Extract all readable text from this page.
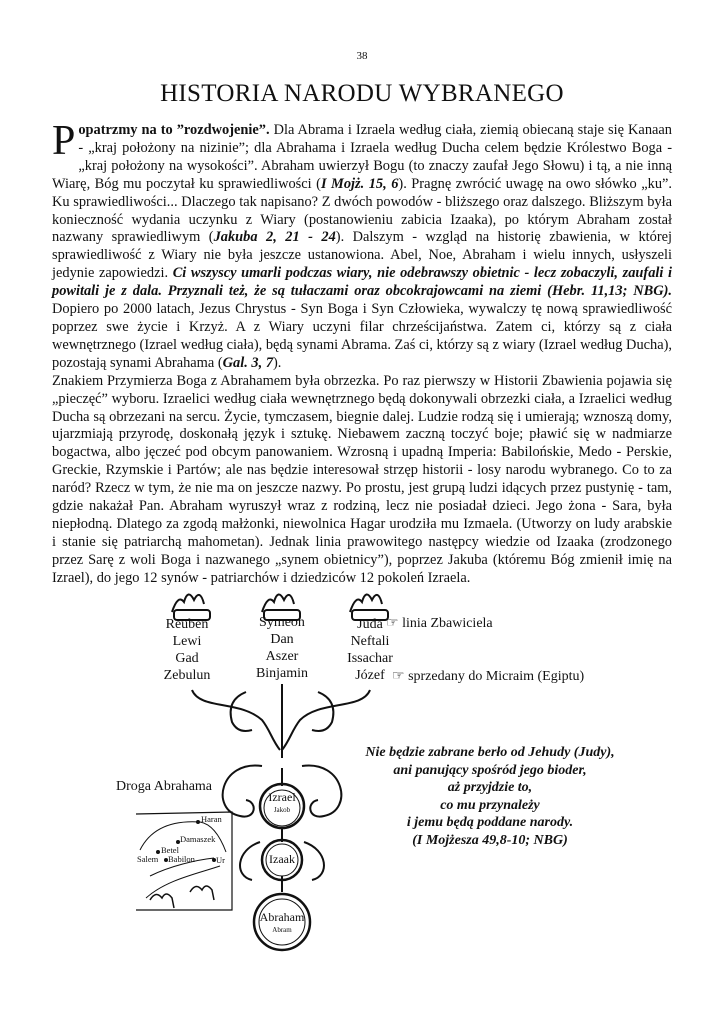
38
HISTORIA NARODU WYBRANEGO

Popatrzmy na to ”rozdwojenie”. Dla Abrama i Izraela według ciała, ziemią obiecaną staje się Kanaan - „kraj położony na nizinie”; dla Abrahama i Izraela według Ducha celem będzie Królestwo Boga - „kraj położony na wysokości”. Abraham uwierzył Bogu (to znaczy zaufał Jego Słowu) i tą, a nie inną Wiarę, Bóg mu poczytał ku sprawiedliwości (I Mojż. 15, 6). Pragnę zwrócić uwagę na owo słówko „ku”. Ku sprawiedliwości... Dlaczego tak napisano? Z dwóch powodów - bliższego oraz dalszego. Bliższym była konieczność wydania uczynku z Wiary (postanowieniu zabicia Izaaka), po którym Abraham został nazwany sprawiedliwym (Jakuba 2, 21 - 24). Dalszym - wzgląd na historię zbawienia, w której sprawiedliwość z Wiary nie była jeszcze ustanowiona. Abel, Noe, Abraham i wielu innych, usłyszeli jedynie zapowiedzi. Ci wszyscy umarli podczas wiary, nie odebrawszy obietnic - lecz zobaczyli, zaufali i powitali je z dala. Przyznali też, że są tułaczami oraz obcokrajowcami na ziemi (Hebr. 11,13; NBG). Dopiero po 2000 latach, Jezus Chrystus - Syn Boga i Syn Człowieka, wywalczy tę nową sprawiedliwość poprzez swe życie i Krzyż. A z Wiary uczyni filar chrześcijaństwa. Zatem ci, którzy są z ciała wewnętrznego (Izrael według ciała), będą synami Abrama. Zaś ci, którzy są z wiary (Izrael według Ducha), pozostają synami Abrahama (Gal. 3, 7).

Znakiem Przymierza Boga z Abrahamem była obrzezka. Po raz pierwszy w Historii Zbawienia pojawia się „pieczęć” wyboru. Izraelici według ciała wewnętrznego będą dokonywali obrzezki ciała, a Izraelici według Ducha są obrzezani na sercu. Życie, tymczasem, biegnie dalej. Ludzie rodzą się i umierają; wznoszą domy, ujarzmiają przyrodę, doskonałą język i sztukę. Niebawem zaczną toczyć boje; pławić się w nadmiarze bogactwa, albo jęczeć pod obcym panowaniem. Wzrosną i upadną Imperia: Babilońskie, Medo - Perskie, Greckie, Rzymskie i Partów; ale nas będzie interesował strzęp historii - losy narodu wybranego. Co to za naród? Rzecz w tym, że nie ma on jeszcze nazwy. Po prostu, jest grupą ludzi idących przez pustynię - tam, gdzie nakażał Pan. Abraham wyruszył wraz z rodziną, lecz nie posiadał dzieci. Jego żona - Sara, była niepłodną. Dlatego za zgodą małżonki, niewolnica Hagar urodziła mu Izmaela. (Utworzy on ludy arabskie i stanie się patriarchą mahometan). Jednak linia prawowitego następcy wiedzie od Izaaka (zrodzonego przez Sarę z woli Boga i nazwanego „synem obietnicy”), poprzez Jakuba (któremu Bóg zmienił imię na Izrael), do jego 12 synów - patriarchów i dziedziców 12 pokoleń Izraela.

Reuben
Lewi
Gad
Zebulun
Symeon
Dan
Aszer
Binjamin
Juda
Neftali
Issachar
Józef
☞ linia Zbawiciela
☞ sprzedany do Micraim (Egiptu)
Izrael
Jakob
Izaak
Abraham
Abram
Droga Abrahama
Haran
Damaszek
Betel
Salem Babilon Ur
Nie będzie zabrane berło od Jehudy (Judy),
ani panujący spośród jego bioder,
aż przyjdzie to,
co mu przynależy
i jemu będą poddane narody.
(I Mojżesza 49,8-10; NBG)
